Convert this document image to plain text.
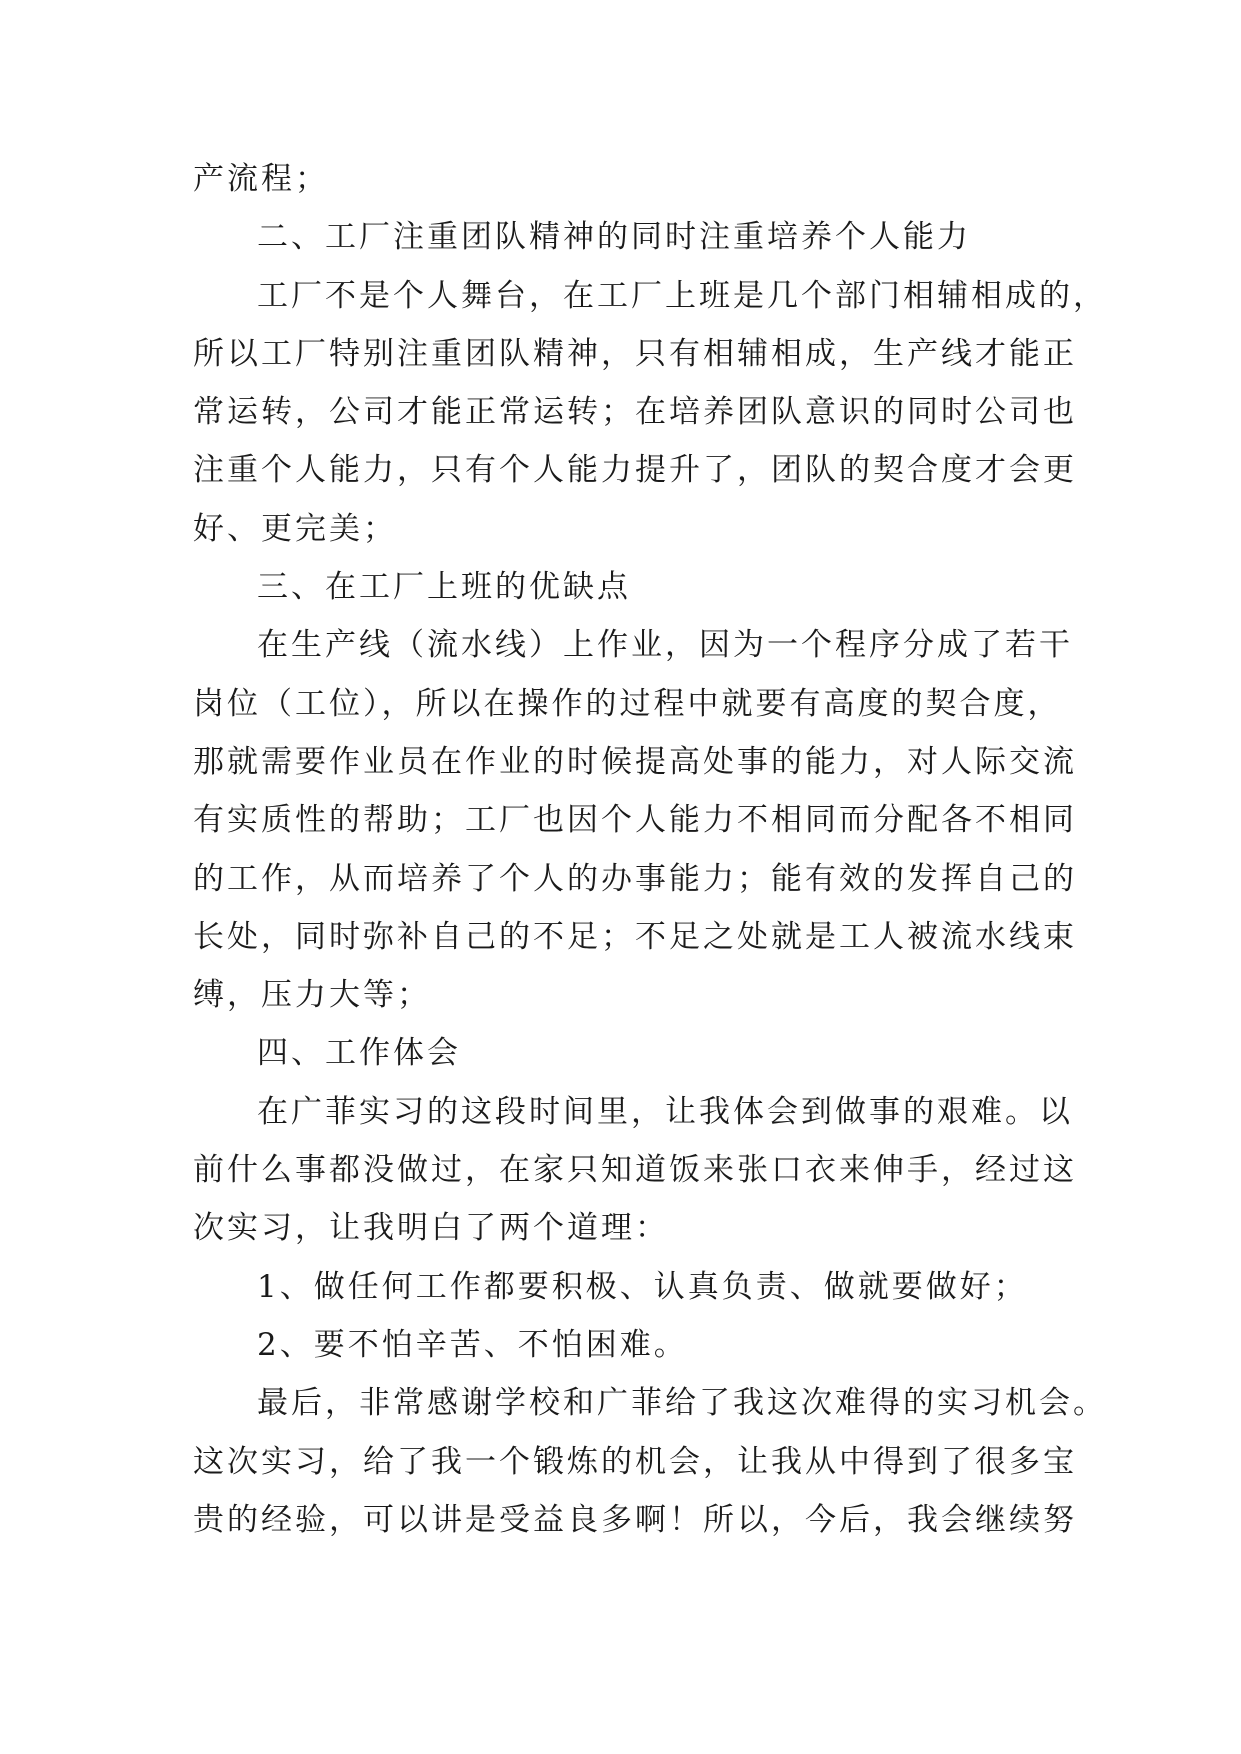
产流程；
二、工厂注重团队精神的同时注重培养个人能力
工厂不是个人舞台，在工厂上班是几个部门相辅相成的，
所以工厂特别注重团队精神，只有相辅相成，生产线才能正
常运转，公司才能正常运转；在培养团队意识的同时公司也
注重个人能力，只有个人能力提升了，团队的契合度才会更
好、更完美；
三、在工厂上班的优缺点
在生产线（流水线）上作业，因为一个程序分成了若干
岗位（工位），所以在操作的过程中就要有高度的契合度，
那就需要作业员在作业的时候提高处事的能力，对人际交流
有实质性的帮助；工厂也因个人能力不相同而分配各不相同
的工作，从而培养了个人的办事能力；能有效的发挥自己的
长处，同时弥补自己的不足；不足之处就是工人被流水线束
缚，压力大等；
四、工作体会
在广菲实习的这段时间里，让我体会到做事的艰难。以
前什么事都没做过，在家只知道饭来张口衣来伸手，经过这
次实习，让我明白了两个道理：
1、做任何工作都要积极、认真负责、做就要做好；
2、要不怕辛苦、不怕困难。
最后，非常感谢学校和广菲给了我这次难得的实习机会。
这次实习，给了我一个锻炼的机会，让我从中得到了很多宝
贵的经验，可以讲是受益良多啊！所以，今后，我会继续努
